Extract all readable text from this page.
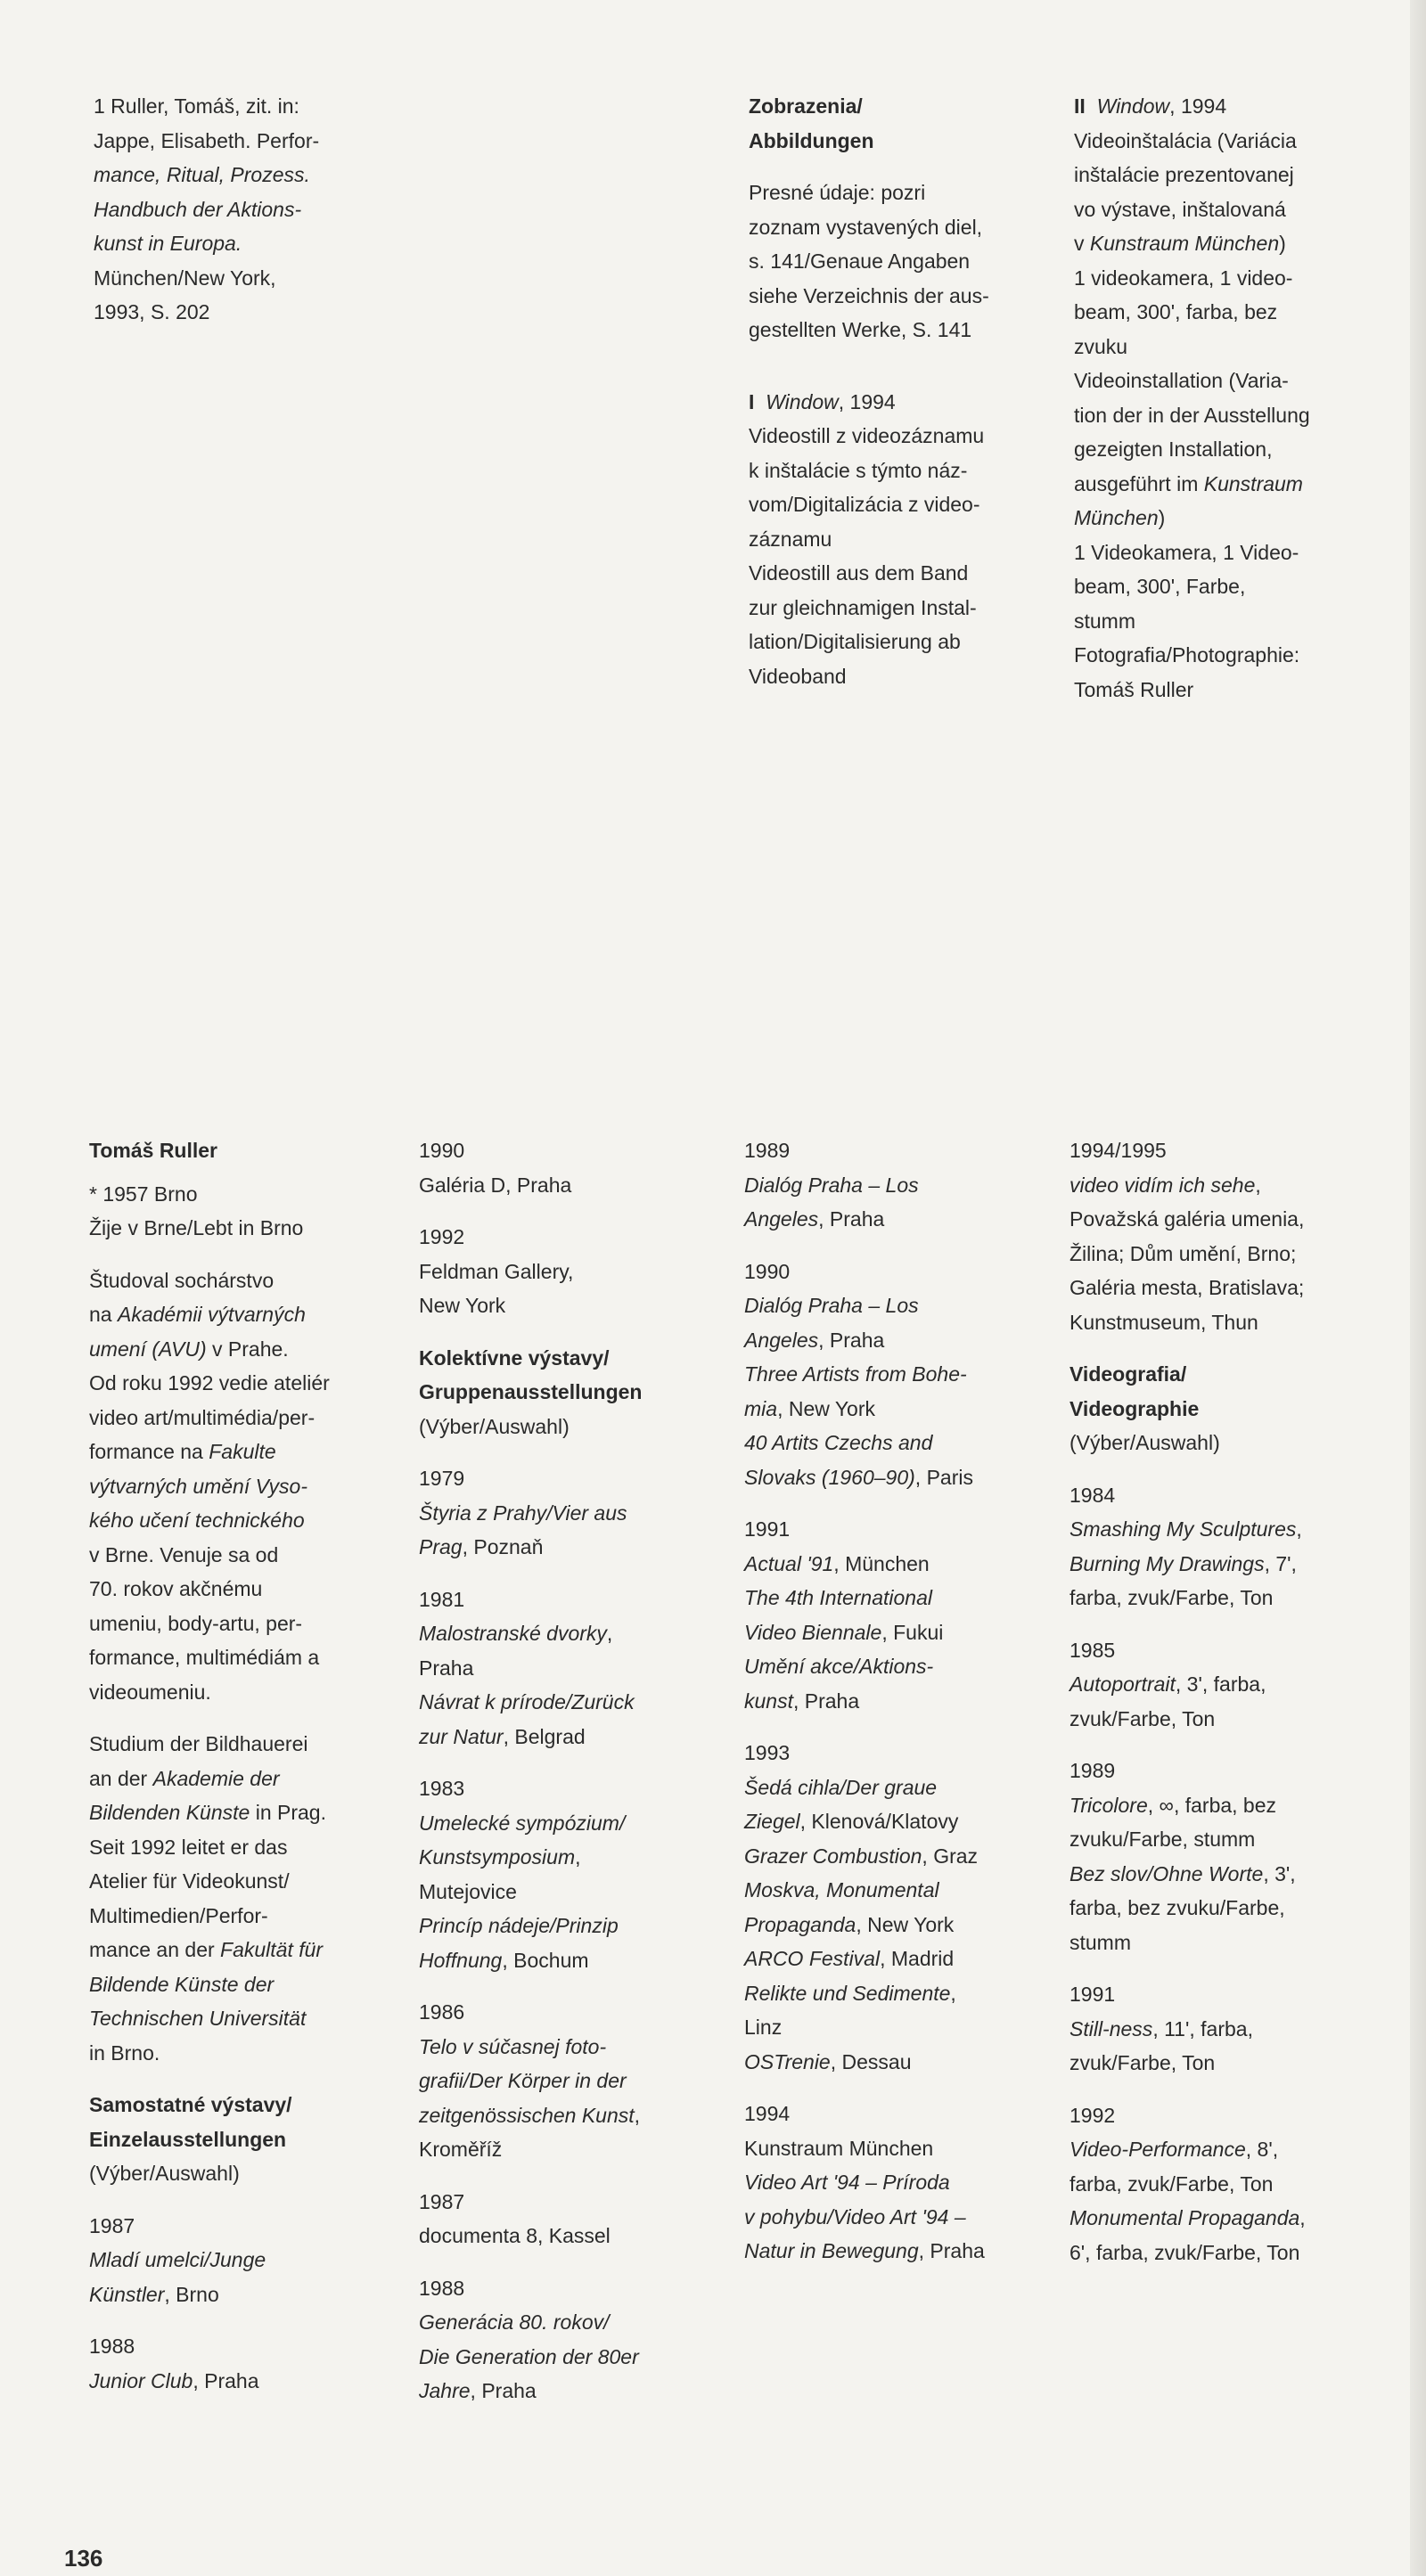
1 Ruller, Tomáš, zit. in:

Jappe, Elisabeth. Perfor-

mance, Ritual, Prozess.

Handbuch der Aktions-

kunst in Europa.

München/New York,

1993, S. 202

Zobrazenia/

Abbildungen

Presné údaje: pozri

zoznam vystavených diel,

s. 141/Genaue Angaben

siehe Verzeichnis der aus-

gestellten Werke, S. 141

I Window, 1994

Videostill z videozáznamu

k inštalácie s týmto náz-

vom/Digitalizácia z video-

záznamu

Videostill aus dem Band

zur gleichnamigen Instal-

lation/Digitalisierung ab

Videoband

II Window, 1994

Videoinštalácia (Variácia

inštalácie prezentovanej

vo výstave, inštalovaná

v Kunstraum München)

1 videokamera, 1 video-

beam, 300', farba, bez

zvuku

Videoinstallation (Varia-

tion der in der Ausstellung

gezeigten Installation,

ausgeführt im Kunstraum

München)

1 Videokamera, 1 Video-

beam, 300', Farbe,

stumm

Fotografia/Photographie:

Tomáš Ruller

Tomáš Ruller

* 1957 Brno

Žije v Brne/Lebt in Brno

Študoval sochárstvo

na Akadémii výtvarných

umení (AVU) v Prahe.

Od roku 1992 vedie ateliér

video art/multimédia/per-

formance na Fakulte

výtvarných umění Vyso-

kého učení technického

v Brne. Venuje sa od

70. rokov akčnému

umeniu, body-artu, per-

formance, multimédiám a

videoumeniu.

Studium der Bildhauerei

an der Akademie der

Bildenden Künste in Prag.

Seit 1992 leitet er das

Atelier für Videokunst/

Multimedien/Perfor-

mance an der Fakultät für

Bildende Künste der

Technischen Universität

in Brno.

Samostatné výstavy/

Einzelausstellungen

(Výber/Auswahl)

1987

Mladí umelci/Junge

Künstler, Brno

1988

Junior Club, Praha

1990

Galéria D, Praha

1992

Feldman Gallery,

New York

Kolektívne výstavy/

Gruppenausstellungen

(Výber/Auswahl)

1979

Štyria z Prahy/Vier aus

Prag, Poznaň

1981

Malostranské dvorky,

Praha

Návrat k prírode/Zurück

zur Natur, Belgrad

1983

Umelecké sympózium/

Kunstsymposium,

Mutejovice

Princíp nádeje/Prinzip

Hoffnung, Bochum

1986

Telo v súčasnej foto-

grafii/Der Körper in der

zeitgenössischen Kunst,

Kroměříž

1987

documenta 8, Kassel

1988

Generácia 80. rokov/

Die Generation der 80er

Jahre, Praha

1989

Dialóg Praha – Los

Angeles, Praha

1990

Dialóg Praha – Los

Angeles, Praha

Three Artists from Bohe-

mia, New York

40 Artits Czechs and

Slovaks (1960–90), Paris

1991

Actual '91, München

The 4th International

Video Biennale, Fukui

Umění akce/Aktions-

kunst, Praha

1993

Šedá cihla/Der graue

Ziegel, Klenová/Klatovy

Grazer Combustion, Graz

Moskva, Monumental

Propaganda, New York

ARCO Festival, Madrid

Relikte und Sedimente,

Linz

OSTrenie, Dessau

1994

Kunstraum München

Video Art '94 – Príroda

v pohybu/Video Art '94 –

Natur in Bewegung, Praha

1994/1995

video vidím ich sehe,

Považská galéria umenia,

Žilina; Dům umění, Brno;

Galéria mesta, Bratislava;

Kunstmuseum, Thun

Videografia/

Videographie

(Výber/Auswahl)

1984

Smashing My Sculptures,

Burning My Drawings, 7',

farba, zvuk/Farbe, Ton

1985

Autoportrait, 3', farba,

zvuk/Farbe, Ton

1989

Tricolore, ∞, farba, bez

zvuku/Farbe, stumm

Bez slov/Ohne Worte, 3',

farba, bez zvuku/Farbe,

stumm

1991

Still-ness, 11', farba,

zvuk/Farbe, Ton

1992

Video-Performance, 8',

farba, zvuk/Farbe, Ton

Monumental Propaganda,

6', farba, zvuk/Farbe, Ton

136
